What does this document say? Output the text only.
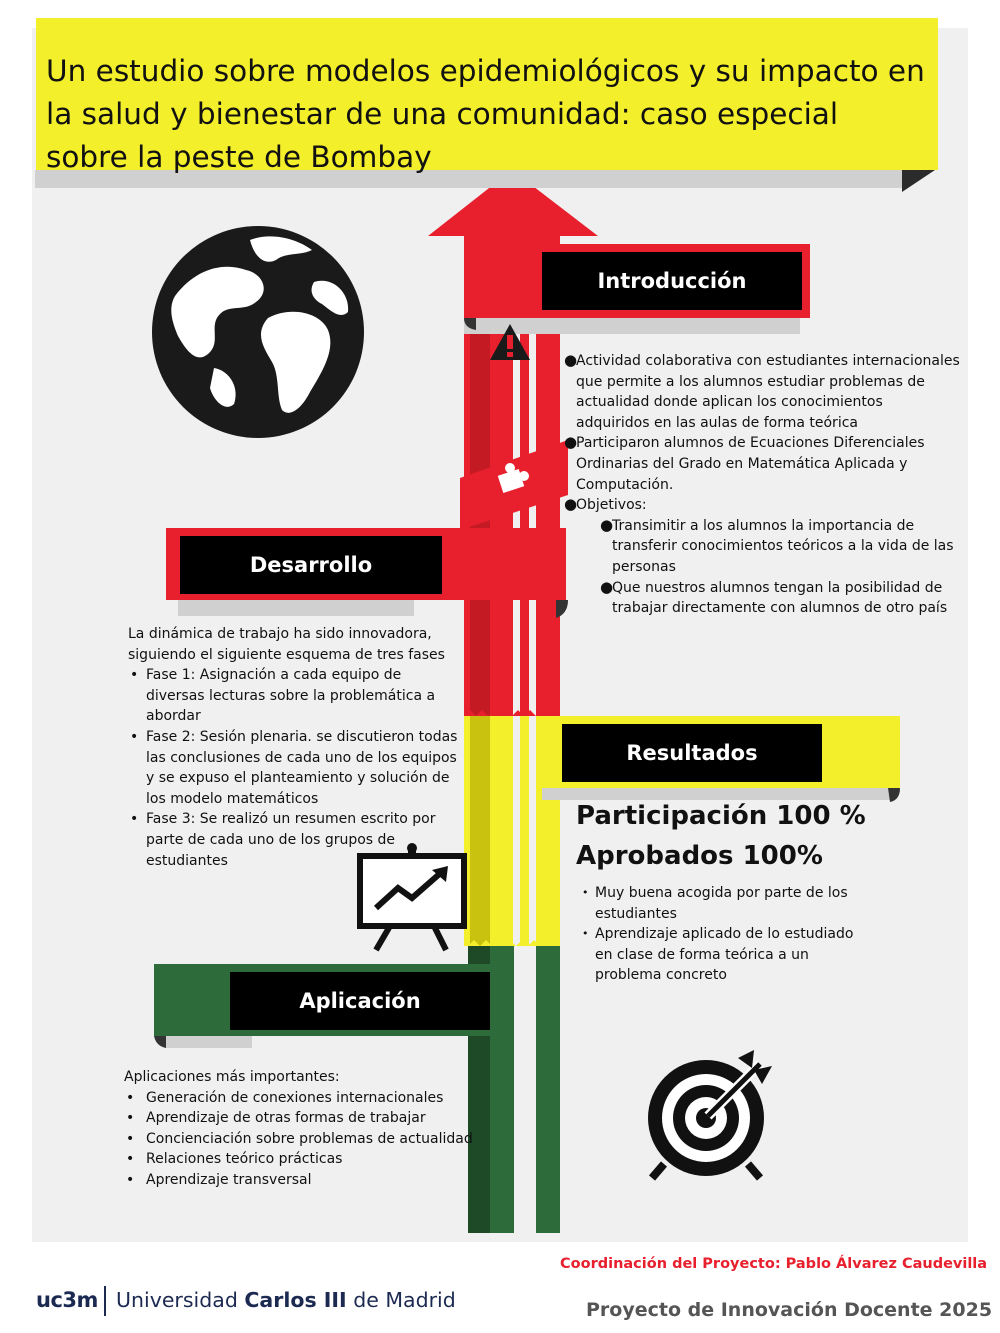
Un estudio sobre modelos epidemiológicos y su impacto en la salud y bienestar de una comunidad: caso especial sobre la peste de Bombay
Introducción
Desarrollo
Resultados
Aplicación
●
Actividad colaborativa con estudiantes internacionales que permite a los alumnos estudiar problemas de actualidad donde aplican los conocimientos adquiridos en las aulas de forma teórica
●
Participaron alumnos de Ecuaciones Diferenciales Ordinarias del Grado en Matemática Aplicada y Computación.
●
Objetivos:
●
Transimitir a los alumnos la importancia de transferir conocimientos teóricos a la vida de las personas
●
Que nuestros alumnos tengan la posibilidad de trabajar directamente con alumnos de otro país
La dinámica de trabajo ha sido innovadora, siguiendo el siguiente esquema de tres fases
• Fase 1: Asignación a cada equipo de diversas lecturas sobre la problemática a abordar
• Fase 2: Sesión plenaria. se discutieron todas las conclusiones de cada uno de los equipos y se expuso el planteamiento y solución de los modelo matemáticos
• Fase 3: Se realizó un resumen escrito por parte de cada uno de los grupos de estudiantes
Participación 100 %
Aprobados 100%
• Muy buena acogida por parte de los estudiantes
• Aprendizaje aplicado de lo estudiado en clase de forma teórica a un problema concreto
Aplicaciones más importantes:
• Generación de conexiones internacionales
• Aprendizaje de otras formas de trabajar
• Concienciación sobre problemas de actualidad
• Relaciones teórico prácticas
• Aprendizaje transversal
Coordinación del Proyecto: Pablo Álvarez Caudevilla
uc3m Universidad Carlos III de Madrid	Proyecto de Innovación Docente 2025
